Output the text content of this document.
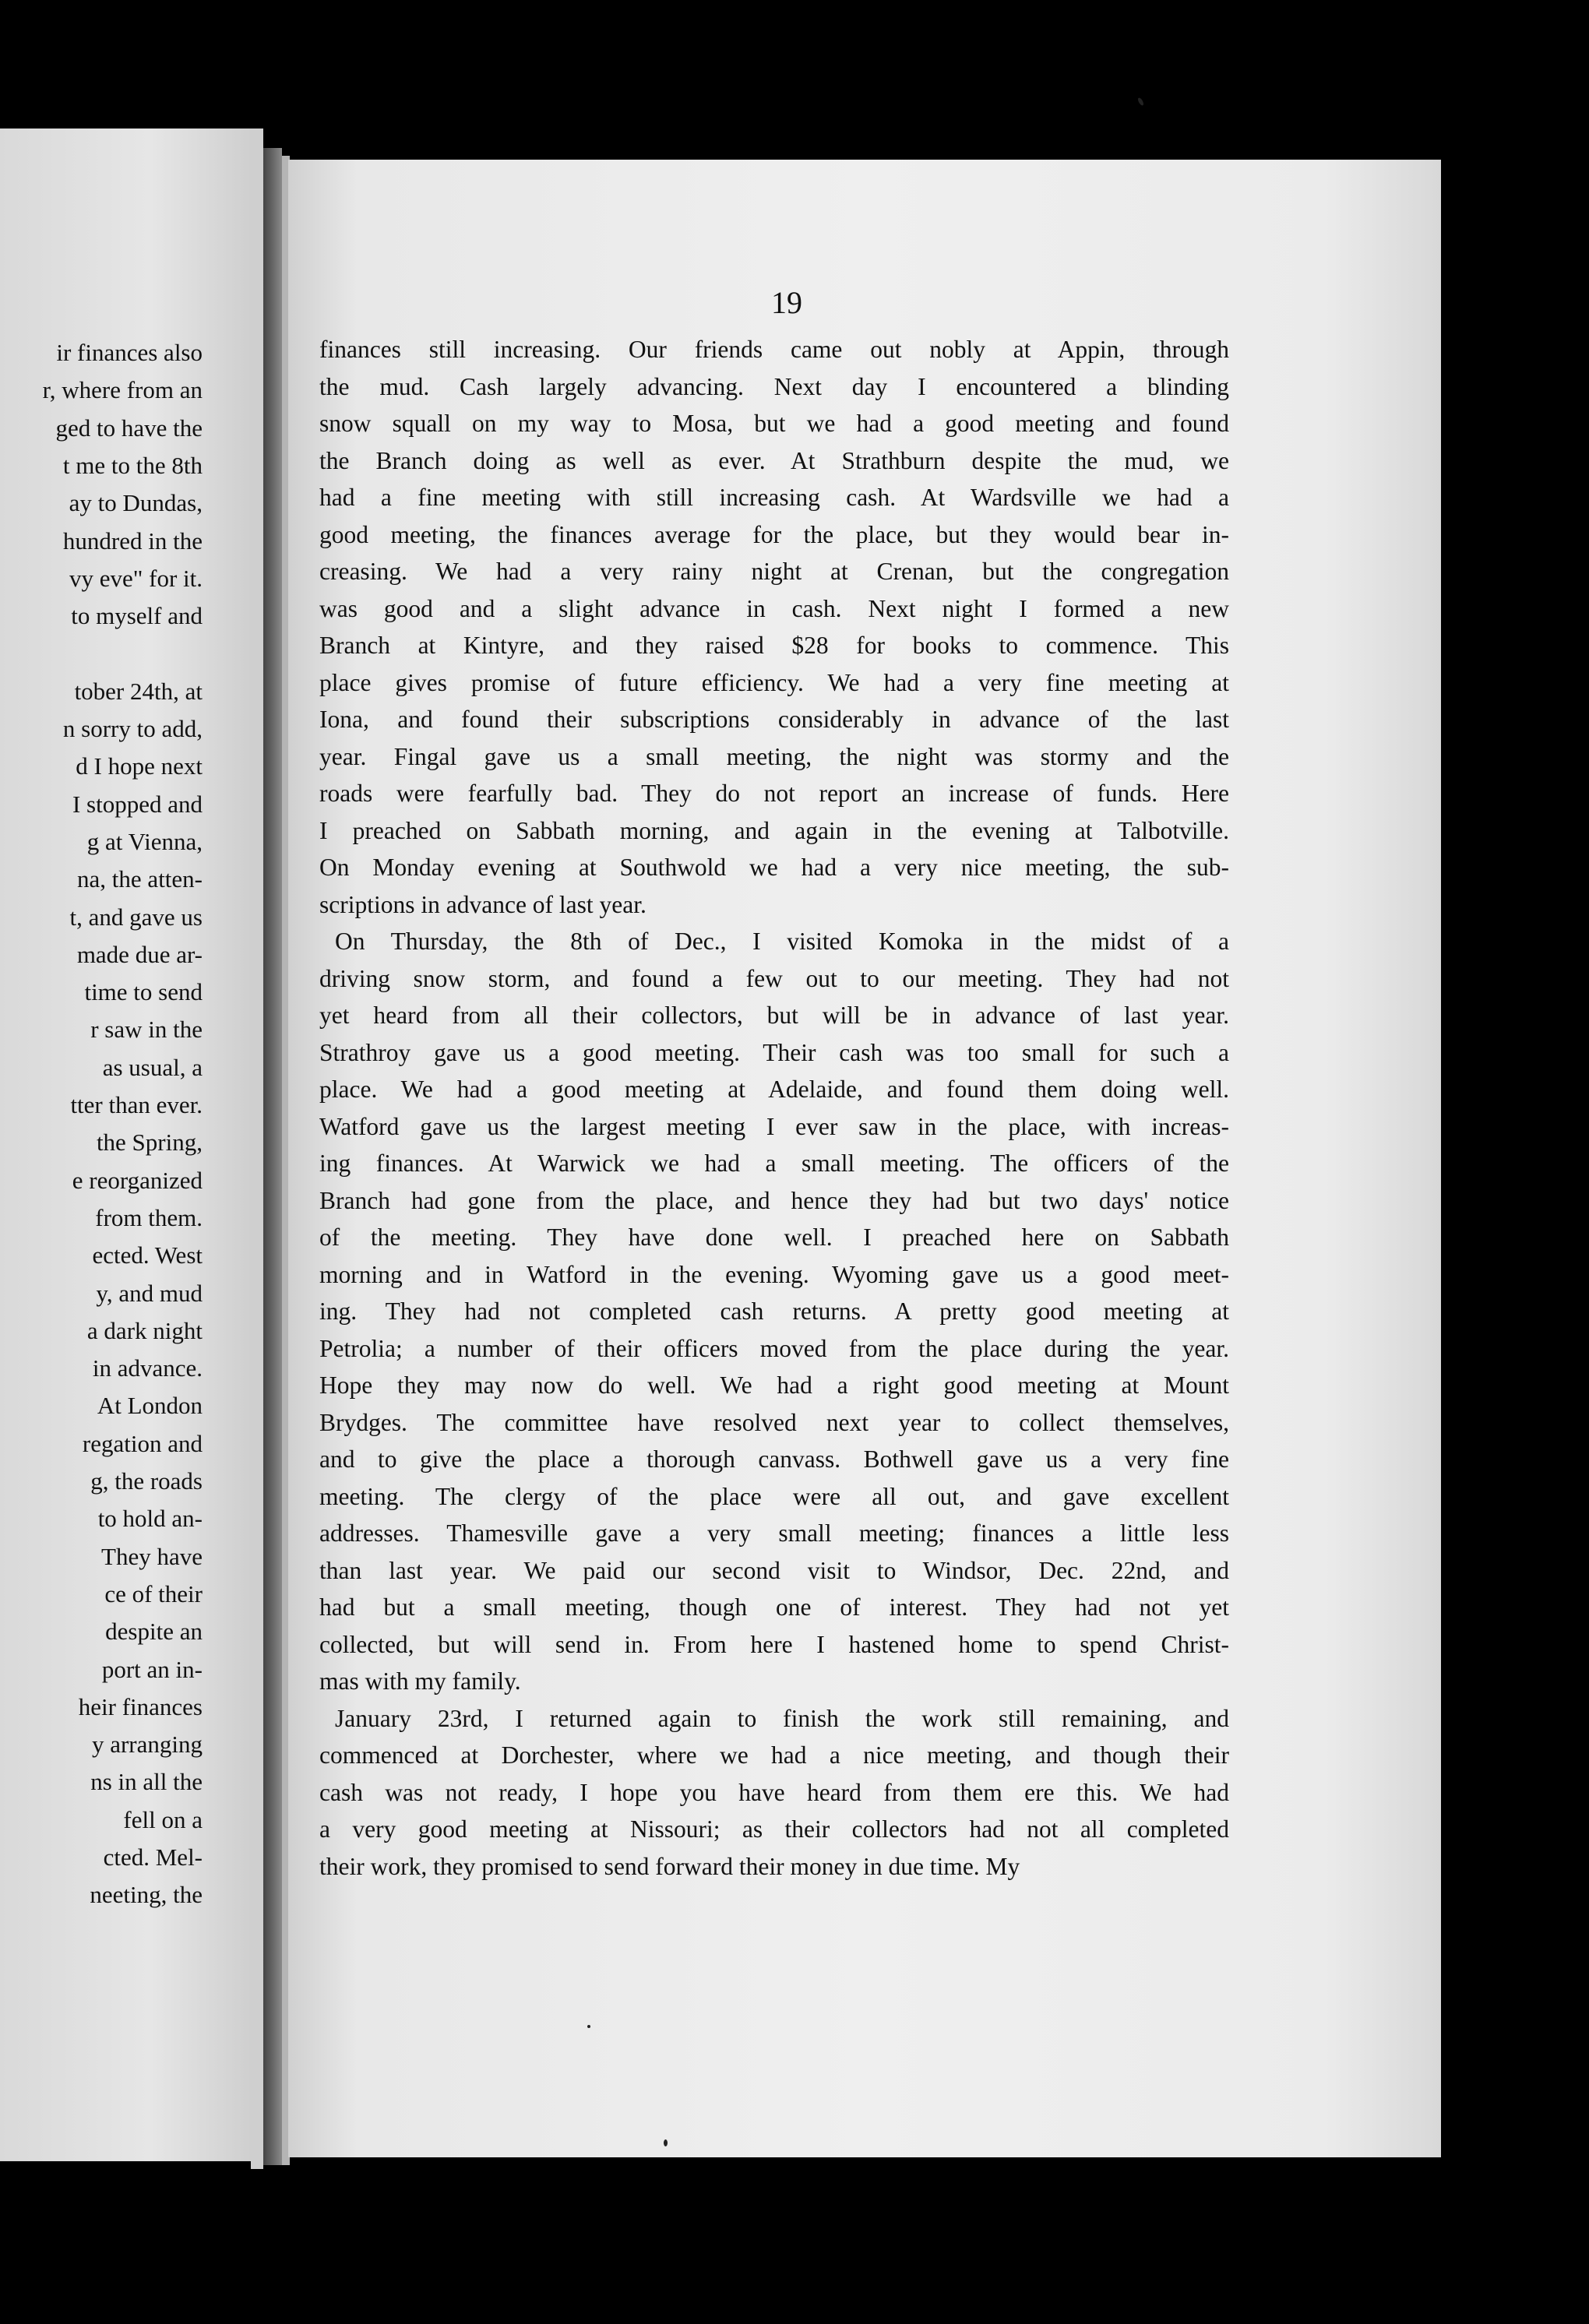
ir finances also
r, where from an
ged to have the
t me to the 8th
ay to Dundas,
hundred in the
vy eve" for it.
to myself and
tober 24th, at
n sorry to add,
d I hope next
I stopped and
g at Vienna,
na, the atten-
t, and gave us
made due ar-
time to send
r saw in the
as usual, a
tter than ever.
the Spring,
e reorganized
from them.
ected. West
y, and mud
a dark night
in advance.
At London
regation and
g, the roads
to hold an-
They have
ce of their
despite an
port an in-
heir finances
y arranging
ns in all the
fell on a
cted. Mel-
neeting, the
19
finances still increasing. Our friends came out nobly at Appin, through
the mud. Cash largely advancing. Next day I encountered a blinding
snow squall on my way to Mosa, but we had a good meeting and found
the Branch doing as well as ever. At Strathburn despite the mud, we
had a fine meeting with still increasing cash. At Wardsville we had a
good meeting, the finances average for the place, but they would bear in-
creasing. We had a very rainy night at Crenan, but the congregation
was good and a slight advance in cash. Next night I formed a new
Branch at Kintyre, and they raised $28 for books to commence. This
place gives promise of future efficiency. We had a very fine meeting at
Iona, and found their subscriptions considerably in advance of the last
year. Fingal gave us a small meeting, the night was stormy and the
roads were fearfully bad. They do not report an increase of funds. Here
I preached on Sabbath morning, and again in the evening at Talbotville.
On Monday evening at Southwold we had a very nice meeting, the sub-
scriptions in advance of last year.
On Thursday, the 8th of Dec., I visited Komoka in the midst of a
driving snow storm, and found a few out to our meeting. They had not
yet heard from all their collectors, but will be in advance of last year.
Strathroy gave us a good meeting. Their cash was too small for such a
place. We had a good meeting at Adelaide, and found them doing well.
Watford gave us the largest meeting I ever saw in the place, with increas-
ing finances. At Warwick we had a small meeting. The officers of the
Branch had gone from the place, and hence they had but two days' notice
of the meeting. They have done well. I preached here on Sabbath
morning and in Watford in the evening. Wyoming gave us a good meet-
ing. They had not completed cash returns. A pretty good meeting at
Petrolia; a number of their officers moved from the place during the year.
Hope they may now do well. We had a right good meeting at Mount
Brydges. The committee have resolved next year to collect themselves,
and to give the place a thorough canvass. Bothwell gave us a very fine
meeting. The clergy of the place were all out, and gave excellent
addresses. Thamesville gave a very small meeting; finances a little less
than last year. We paid our second visit to Windsor, Dec. 22nd, and
had but a small meeting, though one of interest. They had not yet
collected, but will send in. From here I hastened home to spend Christ-
mas with my family.
January 23rd, I returned again to finish the work still remaining, and
commenced at Dorchester, where we had a nice meeting, and though their
cash was not ready, I hope you have heard from them ere this. We had
a very good meeting at Nissouri; as their collectors had not all completed
their work, they promised to send forward their money in due time. My
